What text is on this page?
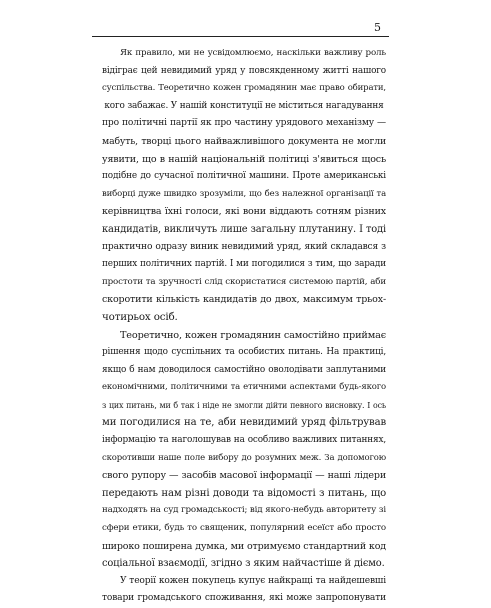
5
Як правило, ми не усвідомлюємо, наскільки важливу роль
відіграє цей невидимий уряд у повсякденному житті нашого
суспільства. Теоретично кожен громадянин має право обирати,
кого забажає. У нашій конституції не міститься нагадування
про політичні партії як про частину урядового механізму —
мабуть, творці цього найважливішого документа не могли
уявити, що в нашій національній політиці з'явиться щось
подібне до сучасної політичної машини. Проте американські
виборці дуже швидко зрозуміли, що без належної організації та
керівництва їхні голоси, які вони віддають сотням різних
кандидатів, викличуть лише загальну плутанину. І тоді
практично одразу виник невидимий уряд, який складався з
перших політичних партій. І ми погодилися з тим, що заради
простоти та зручності слід скористатися системою партій, аби
скоротити кількість кандидатів до двох, максимум трьох-
чотирьох осіб.
Теоретично, кожен громадянин самостійно приймає
рішення щодо суспільних та особистих питань. На практиці,
якщо б нам доводилося самостійно оволодівати заплутаними
економічними, політичними та етичними аспектами будь-якого
з цих питань, ми б так і ніде не змогли дійти певного висновку. І ось
ми погодилися на те, аби невидимий уряд фільтрував
інформацію та наголошував на особливо важливих питаннях,
скоротивши наше поле вибору до розумних меж. За допомогою
свого рупору — засобів масової інформації — наші лідери
передають нам різні доводи та відомості з питань, що
надходять на суд громадськості; від якого-небудь авторитету зі
сфери етики, будь то священик, популярний есеїст або просто
широко поширена думка, ми отримуємо стандартний код
соціальної взаємодії, згідно з яким найчастіше й діємо.
У теорії кожен покупець купує найкращі та найдешевші
товари громадського споживання, які може запропонувати
